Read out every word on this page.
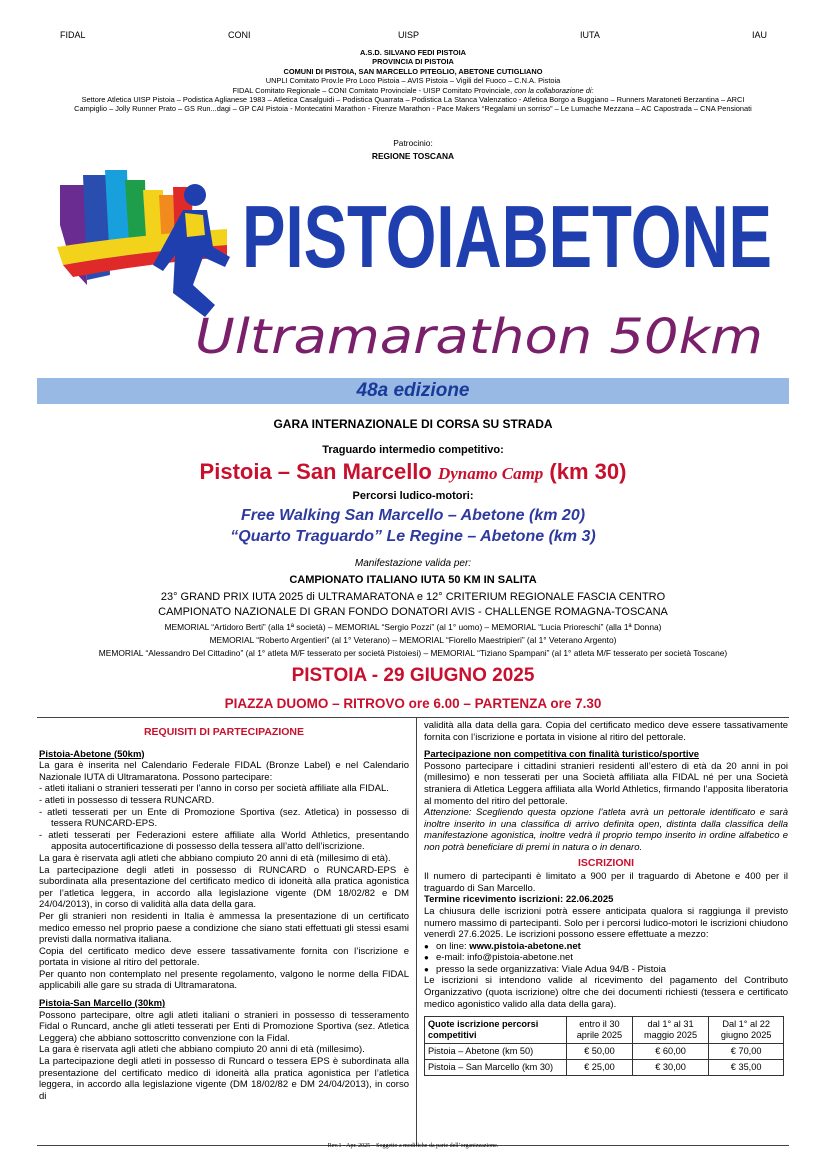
FIDAL	CONI	UISP	IUTA	IAU
A.S.D. SILVANO FEDI PISTOIA
PROVINCIA DI PISTOIA
COMUNI DI PISTOIA, SAN MARCELLO PITEGLIO, ABETONE CUTIGLIANO
UNPLI Comitato Prov.le Pro Loco Pistoia – AVIS Pistoia – Vigili del Fuoco – C.N.A. Pistoia
FIDAL Comitato Regionale – CONI Comitato Provinciale - UISP Comitato Provinciale, con la collaborazione di:
Settore Atletica UISP Pistoia – Podistica Aglianese 1983 – Atletica Casalguidi – Podistica Quarrata – Podistica La Stanca Valenzatico - Atletica Borgo a Buggiano – Runners Maratoneti Berzantina – ARCI
Campiglio – Jolly Runner Prato – GS Run...dagi – GP CAI Pistoia - Montecatini Marathon - Firenze Marathon - Pace Makers “Regalami un sorriso” – Le Lumache Mezzana – AC Capostrada – CNA Pensionati
Patrocinio:
REGIONE TOSCANA
PISTOIABETONE
Ultramarathon 50km
48a edizione
GARA INTERNAZIONALE DI CORSA SU STRADA
Traguardo intermedio competitivo:
Pistoia – San Marcello Dynamo Camp (km 30)
Percorsi ludico-motori:
Free Walking San Marcello – Abetone (km 20)
“Quarto Traguardo” Le Regine – Abetone (km 3)
Manifestazione valida per:
CAMPIONATO ITALIANO IUTA 50 KM IN SALITA
23° GRAND PRIX IUTA 2025 di ULTRAMARATONA e 12° CRITERIUM REGIONALE FASCIA CENTRO
CAMPIONATO NAZIONALE DI GRAN FONDO DONATORI AVIS - CHALLENGE ROMAGNA-TOSCANA
MEMORIAL “Artidoro Berti” (alla 1ª società) – MEMORIAL “Sergio Pozzi” (al 1° uomo) – MEMORIAL “Lucia Prioreschi” (alla 1ª Donna)
MEMORIAL “Roberto Argentieri” (al 1° Veterano) – MEMORIAL “Fiorello Maestripieri” (al 1° Veterano Argento)
MEMORIAL “Alessandro Del Cittadino” (al 1° atleta M/F tesserato per società Pistoiesi) – MEMORIAL “Tiziano Spampani” (al 1° atleta M/F tesserato per società Toscane)
PISTOIA - 29 GIUGNO 2025
PIAZZA DUOMO – RITROVO ore 6.00 – PARTENZA ore 7.30

REQUISITI DI PARTECIPAZIONE

Pistoia-Abetone (50km)

La gara è inserita nel Calendario Federale FIDAL (Bronze Label) e nel Calendario Nazionale IUTA di Ultramaratona. Possono partecipare:

- atleti italiani o stranieri tesserati per l’anno in corso per società affiliate alla FIDAL.

- atleti in possesso di tessera RUNCARD.

- atleti tesserati per un Ente di Promozione Sportiva (sez. Atletica) in possesso di tessera RUNCARD-EPS.

- atleti tesserati per Federazioni estere affiliate alla World Athletics, presentando apposita autocertificazione di possesso della tessera all’atto dell’iscrizione.

La gara è riservata agli atleti che abbiano compiuto 20 anni di età (millesimo di età).

La partecipazione degli atleti in possesso di RUNCARD o RUNCARD-EPS è subordinata alla presentazione del certificato medico di idoneità alla pratica agonistica per l’atletica leggera, in accordo alla legislazione vigente (DM 18/02/82 e DM 24/04/2013), in corso di validità alla data della gara.

Per gli stranieri non residenti in Italia è ammessa la presentazione di un certificato medico emesso nel proprio paese a condizione che siano stati effettuati gli stessi esami previsti dalla normativa italiana.

Copia del certificato medico deve essere tassativamente fornita con l’iscrizione e portata in visione al ritiro del pettorale.

Per quanto non contemplato nel presente regolamento, valgono le norme della FIDAL applicabili alle gare su strada di Ultramaratona.

Pistoia-San Marcello (30km)

Possono partecipare, oltre agli atleti italiani o stranieri in possesso di tesseramento Fidal o Runcard, anche gli atleti tesserati per Enti di Promozione Sportiva (sez. Atletica Leggera) che abbiano sottoscritto convenzione con la Fidal.

La gara è riservata agli atleti che abbiano compiuto 20 anni di età (millesimo).

La partecipazione degli atleti in possesso di Runcard o tessera EPS è subordinata alla presentazione del certificato medico di idoneità alla pratica agonistica per l’atletica leggera, in accordo alla legislazione vigente (DM 18/02/82 e DM 24/04/2013), in corso di

validità alla data della gara. Copia del certificato medico deve essere tassativamente fornita con l’iscrizione e portata in visione al ritiro del pettorale.

Partecipazione non competitiva con finalità turistico/sportive

Possono partecipare i cittadini stranieri residenti all’estero di età da 20 anni in poi (millesimo) e non tesserati per una Società affiliata alla FIDAL né per una Società straniera di Atletica Leggera affiliata alla World Athletics, firmando l’apposita liberatoria al momento del ritiro del pettorale.

Attenzione: Scegliendo questa opzione l’atleta avrà un pettorale identificato e sarà inoltre inserito in una classifica di arrivo definita open, distinta dalla classifica della manifestazione agonistica, inoltre vedrà il proprio tempo inserito in ordine alfabetico e non potrà beneficiare di premi in natura o in denaro.

ISCRIZIONI

Il numero di partecipanti è limitato a 900 per il traguardo di Abetone e 400 per il traguardo di San Marcello.

Termine ricevimento iscrizioni: 22.06.2025

La chiusura delle iscrizioni potrà essere anticipata qualora si raggiunga il previsto numero massimo di partecipanti. Solo per i percorsi ludico-motori le iscrizioni chiudono venerdì 27.6.2025. Le iscrizioni possono essere effettuate a mezzo:

● on line: www.pistoia-abetone.net

● e-mail: info@pistoia-abetone.net

● presso la sede organizzativa: Viale Adua 94/B - Pistoia

Le iscrizioni si intendono valide al ricevimento del pagamento del Contributo Organizzativo (quota iscrizione) oltre che dei documenti richiesti (tessera e certificato medico agonistico valido alla data della gara).

Quote iscrizione percorsi competitivi	entro il 30 aprile 2025	dal 1° al 31 maggio 2025	Dal 1° al 22 giugno 2025
Pistoia – Abetone (km 50)	€ 50,00	€ 60,00	€ 70,00
Pistoia – San Marcello (km 30)	€ 25,00	€ 30,00	€ 35,00
Rev.1 - Apr. 2025 – Soggetto a modifiche da parte dell’organizzazione.
